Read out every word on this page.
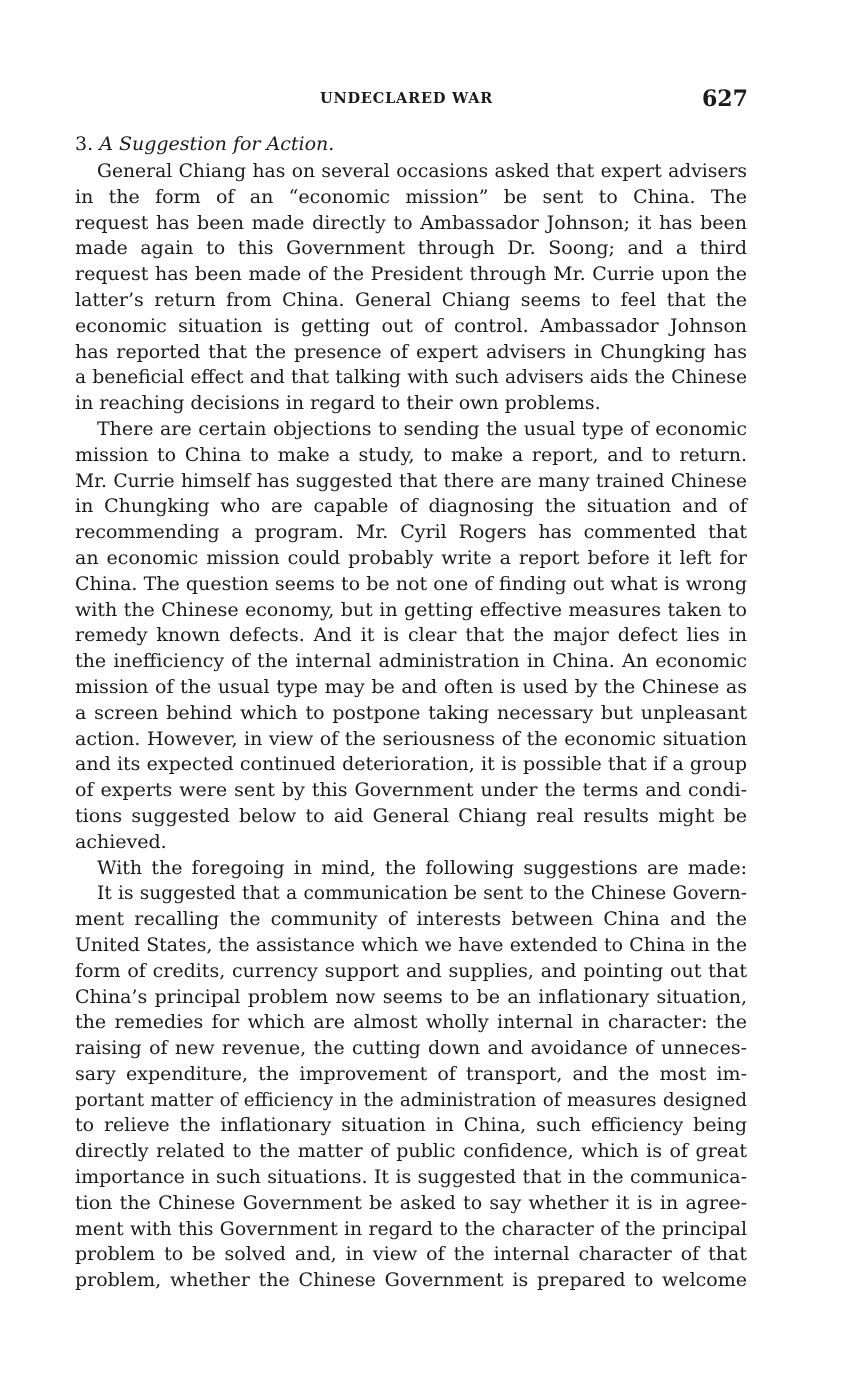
UNDECLARED WAR	627
3. A Suggestion for Action.
General Chiang has on several occasions asked that expert advisers
in the form of an “economic mission” be sent to China. The
request has been made directly to Ambassador Johnson; it has been
made again to this Government through Dr. Soong; and a third
request has been made of the President through Mr. Currie upon the
latter’s return from China. General Chiang seems to feel that the
economic situation is getting out of control. Ambassador Johnson
has reported that the presence of expert advisers in Chungking has
a beneficial effect and that talking with such advisers aids the Chinese
in reaching decisions in regard to their own problems.
There are certain objections to sending the usual type of economic
mission to China to make a study, to make a report, and to return.
Mr. Currie himself has suggested that there are many trained Chinese
in Chungking who are capable of diagnosing the situation and of
recommending a program. Mr. Cyril Rogers has commented that
an economic mission could probably write a report before it left for
China. The question seems to be not one of finding out what is wrong
with the Chinese economy, but in getting effective measures taken to
remedy known defects. And it is clear that the major defect lies in
the inefficiency of the internal administration in China. An economic
mission of the usual type may be and often is used by the Chinese as
a screen behind which to postpone taking necessary but unpleasant
action. However, in view of the seriousness of the economic situation
and its expected continued deterioration, it is possible that if a group
of experts were sent by this Government under the terms and condi-
tions suggested below to aid General Chiang real results might be
achieved.
With the foregoing in mind, the following suggestions are made:
It is suggested that a communication be sent to the Chinese Govern-
ment recalling the community of interests between China and the
United States, the assistance which we have extended to China in the
form of credits, currency support and supplies, and pointing out that
China’s principal problem now seems to be an inflationary situation,
the remedies for which are almost wholly internal in character: the
raising of new revenue, the cutting down and avoidance of unneces-
sary expenditure, the improvement of transport, and the most im-
portant matter of efficiency in the administration of measures designed
to relieve the inflationary situation in China, such efficiency being
directly related to the matter of public confidence, which is of great
importance in such situations. It is suggested that in the communica-
tion the Chinese Government be asked to say whether it is in agree-
ment with this Government in regard to the character of the principal
problem to be solved and, in view of the internal character of that
problem, whether the Chinese Government is prepared to welcome
